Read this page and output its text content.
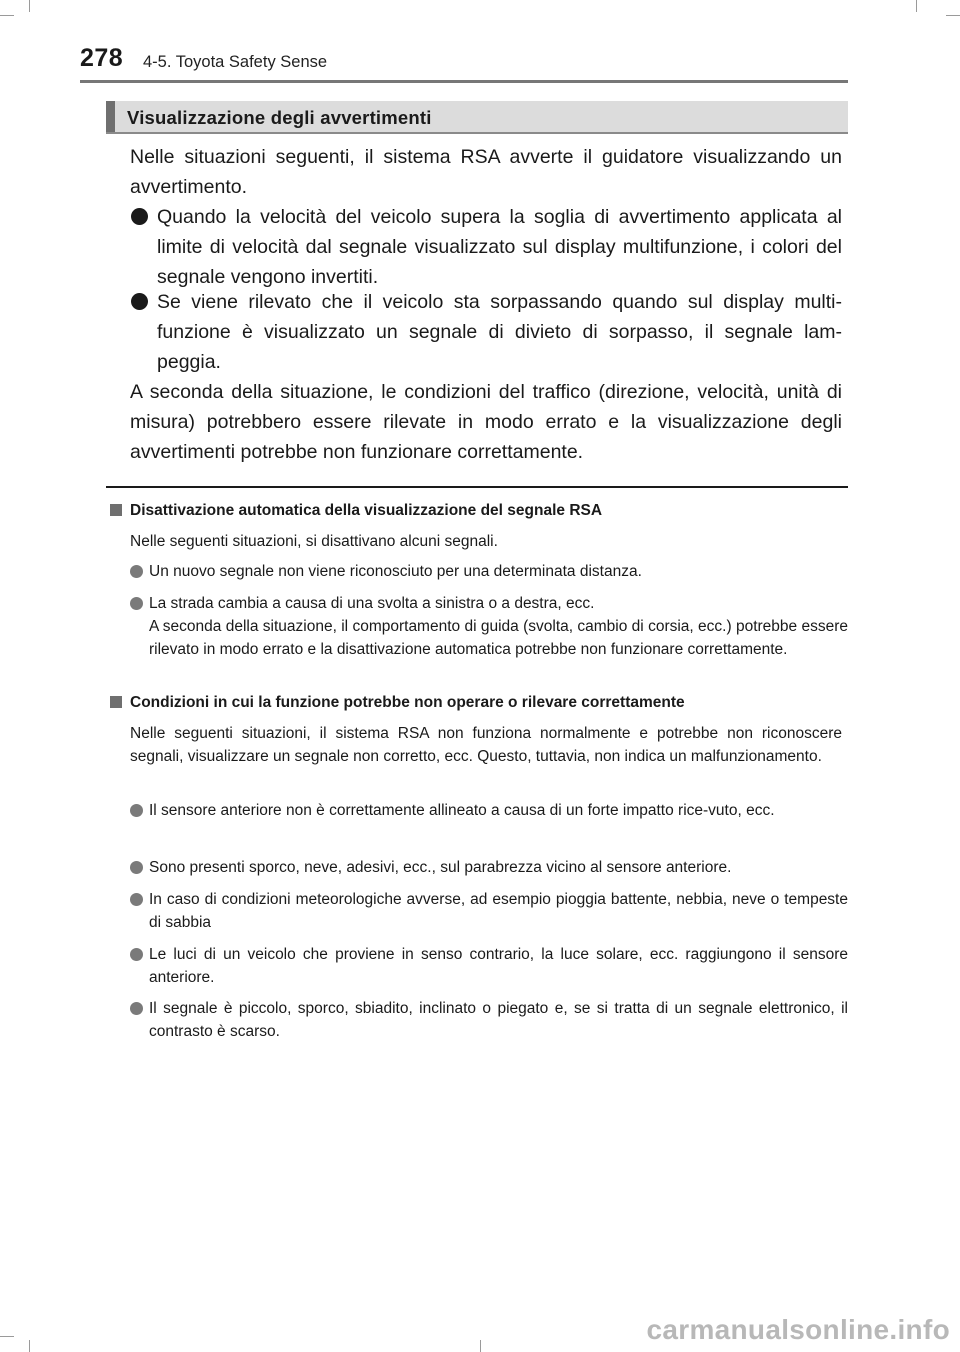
278 4-5. Toyota Safety Sense
Visualizzazione degli avvertimenti
Nelle situazioni seguenti, il sistema RSA avverte il guidatore visualizzando un avvertimento.
Quando la velocità del veicolo supera la soglia di avvertimento applicata al limite di velocità dal segnale visualizzato sul display multifunzione, i colori del segnale vengono invertiti.
Se viene rilevato che il veicolo sta sorpassando quando sul display multi-funzione è visualizzato un segnale di divieto di sorpasso, il segnale lam-peggia.
A seconda della situazione, le condizioni del traffico (direzione, velocità, unità di misura) potrebbero essere rilevate in modo errato e la visualizzazione degli avvertimenti potrebbe non funzionare correttamente.
Disattivazione automatica della visualizzazione del segnale RSA
Nelle seguenti situazioni, si disattivano alcuni segnali.
Un nuovo segnale non viene riconosciuto per una determinata distanza.
La strada cambia a causa di una svolta a sinistra o a destra, ecc.
A seconda della situazione, il comportamento di guida (svolta, cambio di corsia, ecc.) potrebbe essere rilevato in modo errato e la disattivazione automatica potrebbe non funzionare correttamente.
Condizioni in cui la funzione potrebbe non operare o rilevare correttamente
Nelle seguenti situazioni, il sistema RSA non funziona normalmente e potrebbe non riconoscere segnali, visualizzare un segnale non corretto, ecc. Questo, tuttavia, non indica un malfunzionamento.
Il sensore anteriore non è correttamente allineato a causa di un forte impatto rice-vuto, ecc.
Sono presenti sporco, neve, adesivi, ecc., sul parabrezza vicino al sensore anteriore.
In caso di condizioni meteorologiche avverse, ad esempio pioggia battente, nebbia, neve o tempeste di sabbia
Le luci di un veicolo che proviene in senso contrario, la luce solare, ecc. raggiungono il sensore anteriore.
Il segnale è piccolo, sporco, sbiadito, inclinato o piegato e, se si tratta di un segnale elettronico, il contrasto è scarso.
carmanualsonline.info
